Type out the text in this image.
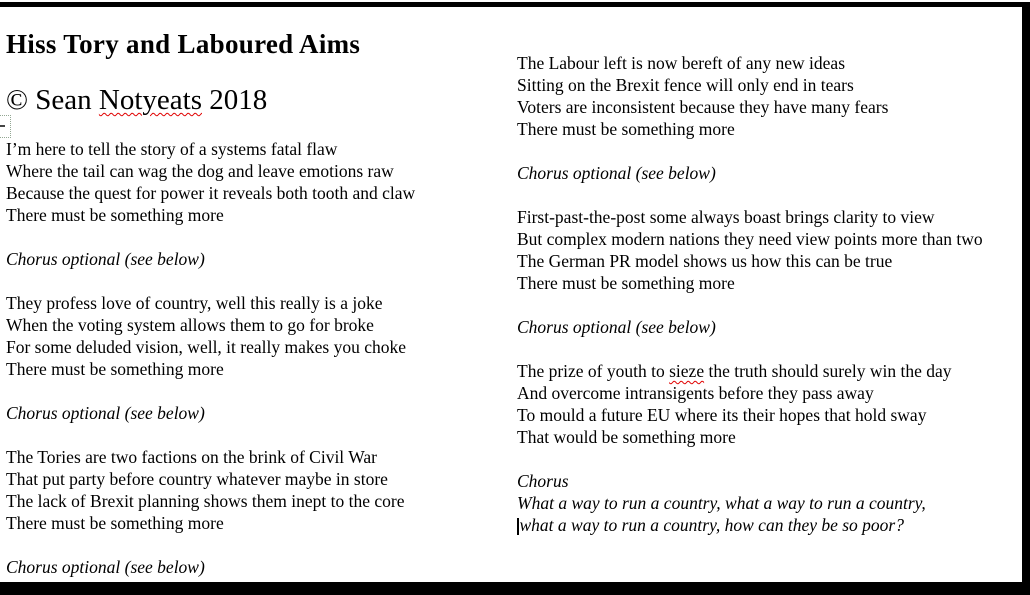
Hiss Tory and Laboured Aims
© Sean Notyeats 2018
I’m here to tell the story of a systems fatal flaw
Where the tail can wag the dog and leave emotions raw
Because the quest for power it reveals both tooth and claw
There must be something more
Chorus optional (see below)
They profess love of country, well this really is a joke
When the voting system allows them to go for broke
For some deluded vision, well, it really makes you choke
There must be something more
Chorus optional (see below)
The Tories are two factions on the brink of Civil War
That put party before country whatever maybe in store
The lack of Brexit planning shows them inept to the core
There must be something more
Chorus optional (see below)
The Labour left is now bereft of any new ideas
Sitting on the Brexit fence will only end in tears
Voters are inconsistent because they have many fears
There must be something more
Chorus optional (see below)
First-past-the-post some always boast brings clarity to view
But complex modern nations they need view points more than two
The German PR model shows us how this can be true
There must be something more
Chorus optional (see below)
The prize of youth to sieze the truth should surely win the day
And overcome intransigents before they pass away
To mould a future EU where its their hopes that hold sway
That would be something more
Chorus
What a way to run a country, what a way to run a country,
what a way to run a country, how can they be so poor?
